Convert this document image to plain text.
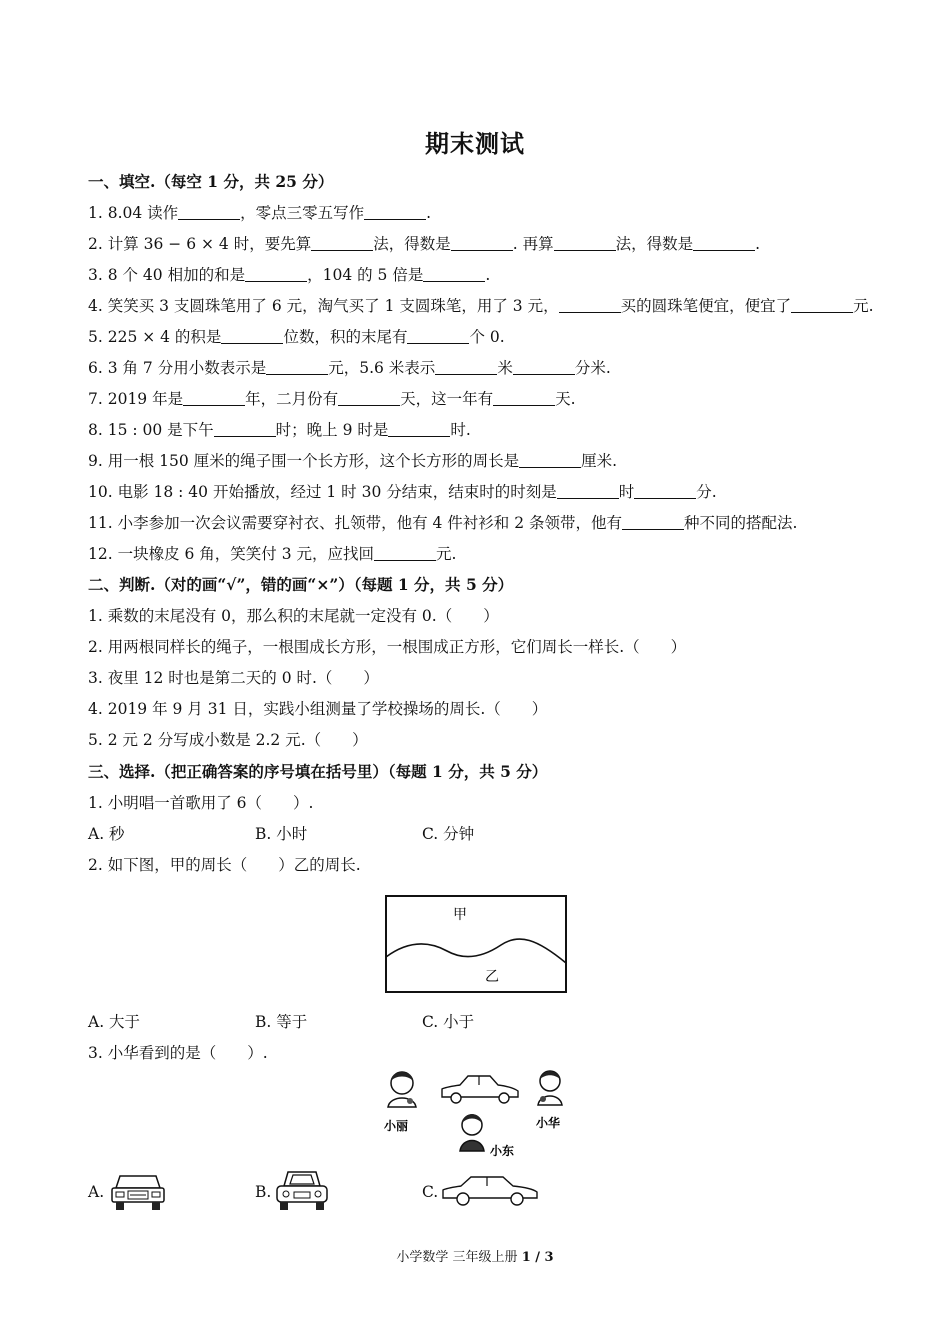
期末测试
一、填空.（每空 1 分，共 25 分）
1. 8.04 读作	，零点三零五写作	.
2. 计算 36 − 6 × 4 时，要先算	法，得数是	. 再算	法，得数是	.
3. 8 个 40 相加的和是	，104 的 5 倍是	.
4. 笑笑买 3 支圆珠笔用了 6 元，淘气买了 1 支圆珠笔，用了 3 元，	买的圆珠笔便宜，便宜了	元.
5. 225 × 4 的积是	位数，积的末尾有	个 0.
6. 3 角 7 分用小数表示是	元，5.6 米表示	米	分米.
7. 2019 年是	年，二月份有	天，这一年有	天.
8. 15 : 00 是下午	时；晚上 9 时是	时.
9. 用一根 150 厘米的绳子围一个长方形，这个长方形的周长是	厘米.
10. 电影 18 : 40 开始播放，经过 1 时 30 分结束，结束时的时刻是	时	分.
11. 小李参加一次会议需要穿衬衣、扎领带，他有 4 件衬衫和 2 条领带，他有	种不同的搭配法.
12. 一块橡皮 6 角，笑笑付 3 元，应找回	元.
二、判断.（对的画“√”，错的画“×”）（每题 1 分，共 5 分）
1. 乘数的末尾没有 0，那么积的末尾就一定没有 0.（　　）
2. 用两根同样长的绳子，一根围成长方形，一根围成正方形，它们周长一样长.（　　）
3. 夜里 12 时也是第二天的 0 时.（　　）
4. 2019 年 9 月 31 日，实践小组测量了学校操场的周长.（　　）
5. 2 元 2 分写成小数是 2.2 元.（　　）
三、选择.（把正确答案的序号填在括号里）（每题 1 分，共 5 分）
1. 小明唱一首歌用了 6（　　）.
A. 秒	B. 小时	C. 分钟
2. 如下图，甲的周长（　　）乙的周长.
甲
乙
A. 大于	B. 等于	C. 小于
3. 小华看到的是（　　）.
小丽	小华
小东
A.	B.	C.
小学数学 三年级上册 1 / 3
